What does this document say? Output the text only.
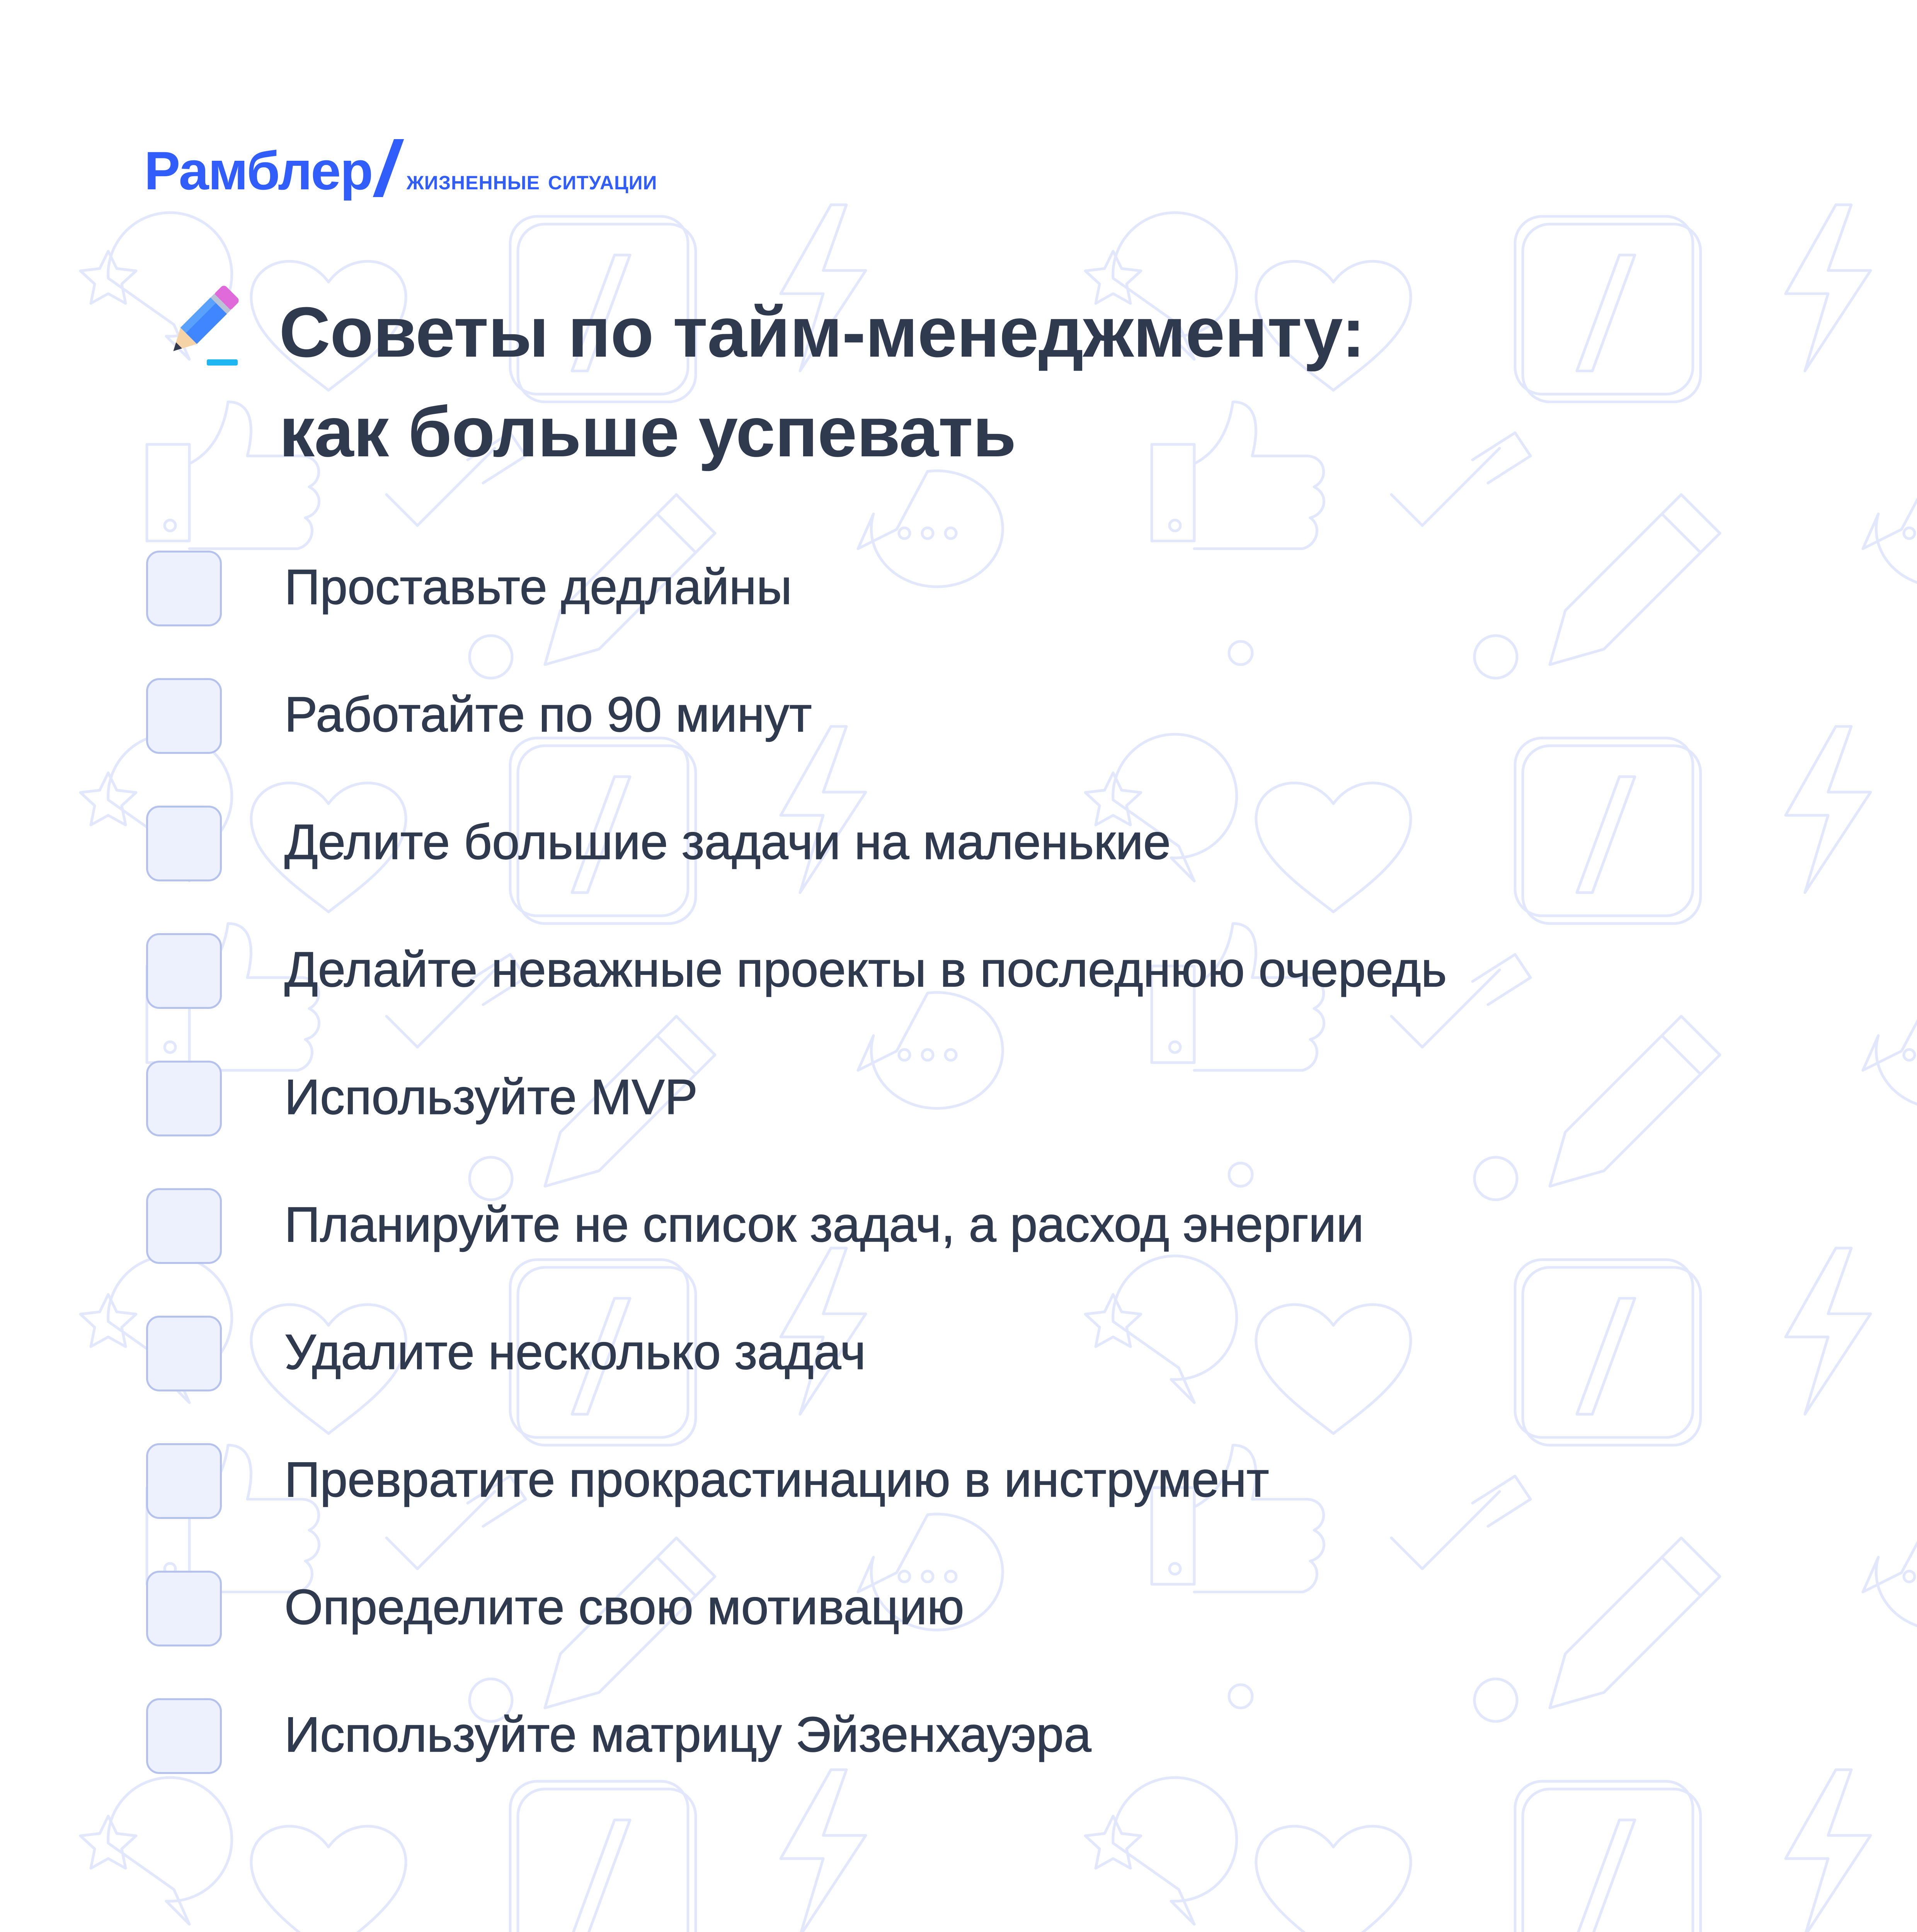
Рамблер жизненные ситуации
Советы по тайм-менеджменту:
как больше успевать
Проставьте дедлайны
Работайте по 90 минут
Делите большие задачи на маленькие
Делайте неважные проекты в последнюю очередь
Используйте MVP
Планируйте не список задач, а расход энергии
Удалите несколько задач
Превратите прокрастинацию в инструмент
Определите свою мотивацию
Используйте матрицу Эйзенхауэра
